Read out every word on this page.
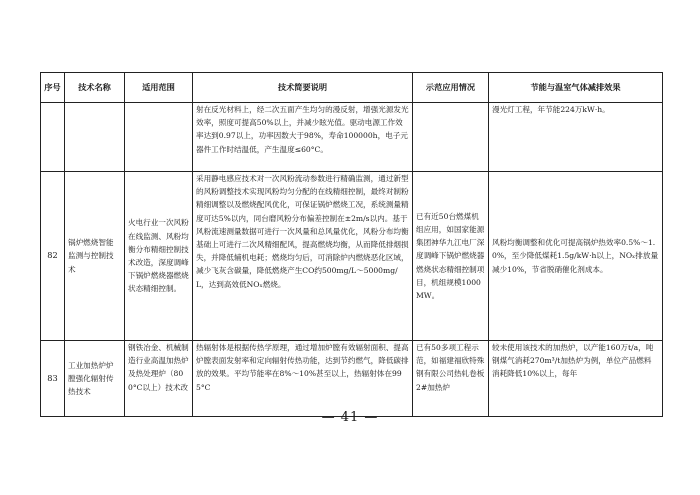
序号	技术名称	适用范围	技术简要说明	示范应用情况	节能与温室气体减排效果
			射在反光材料上，经二次五面产生均匀的漫反射，增强光源发光效率，照度可提高50%以上，并减少眩光值。驱动电源工作效率达到0.97以上，功率因数大于98%，寿命100000h，电子元器件工作时结温低，产生温度≤60°C。		漫光灯工程，年节能224万kW·h。
82	锅炉燃烧智能监测与控制技术	火电行业一次风粉在线监测、风粉均衡分布精细控制技术改造，深度调峰下锅炉燃烧器燃烧状态精细控制。	采用静电感应技术对一次风粉流动参数进行精确监测，通过新型的风粉调整技术实现风粉均匀分配的在线精细控制，最终对制粉精细调整以及燃烧配风优化，可保证锅炉燃烧工况，系统测量精度可达5%以内，同台磨风粉分布偏差控制在±2m/s以内。基于风粉流速测量数据可进行一次风量和总风量优化，风粉分布均衡基础上可进行二次风精细配风，提高燃烧均衡，从而降低排烟损失，并降低辅机电耗；燃烧均匀后，可消除炉内燃烧恶化区域，减少飞灰含碳量，降低燃烧产生CO约500mg/L～5000mg/L，达到高效低NOₓ燃烧。	已有近50台燃煤机组应用，如国家能源集团神华九江电厂深度调峰下锅炉燃烧器燃烧状态精细控制项目，机组规模1000MW。	风粉均衡调整和优化可提高锅炉热效率0.5%～1.0%，至少降低煤耗1.5g/kW·h以上，NOₓ排放量减少10%，节省脱硝催化剂成本。
83	工业加热炉炉膛强化辐射传热技术	钢铁冶金、机械制造行业高温加热炉及热处理炉（800°C以上）技术改	热辐射体是根据传热学原理，通过增加炉膛有效辐射面积、提高炉膛表面发射率和定向辐射传热功能，达到节约燃气，降低碳排放的效果。平均节能率在8%～10%甚至以上，热辐射体在995°C	已有50多项工程示范，如福建福欣特殊钢有限公司热轧卷板2#加热炉	较未使用该技术的加热炉，以产能160万t/a，吨钢煤气消耗270m³/t加热炉为例，单位产品燃料消耗降低10%以上，每年
— 41 —
